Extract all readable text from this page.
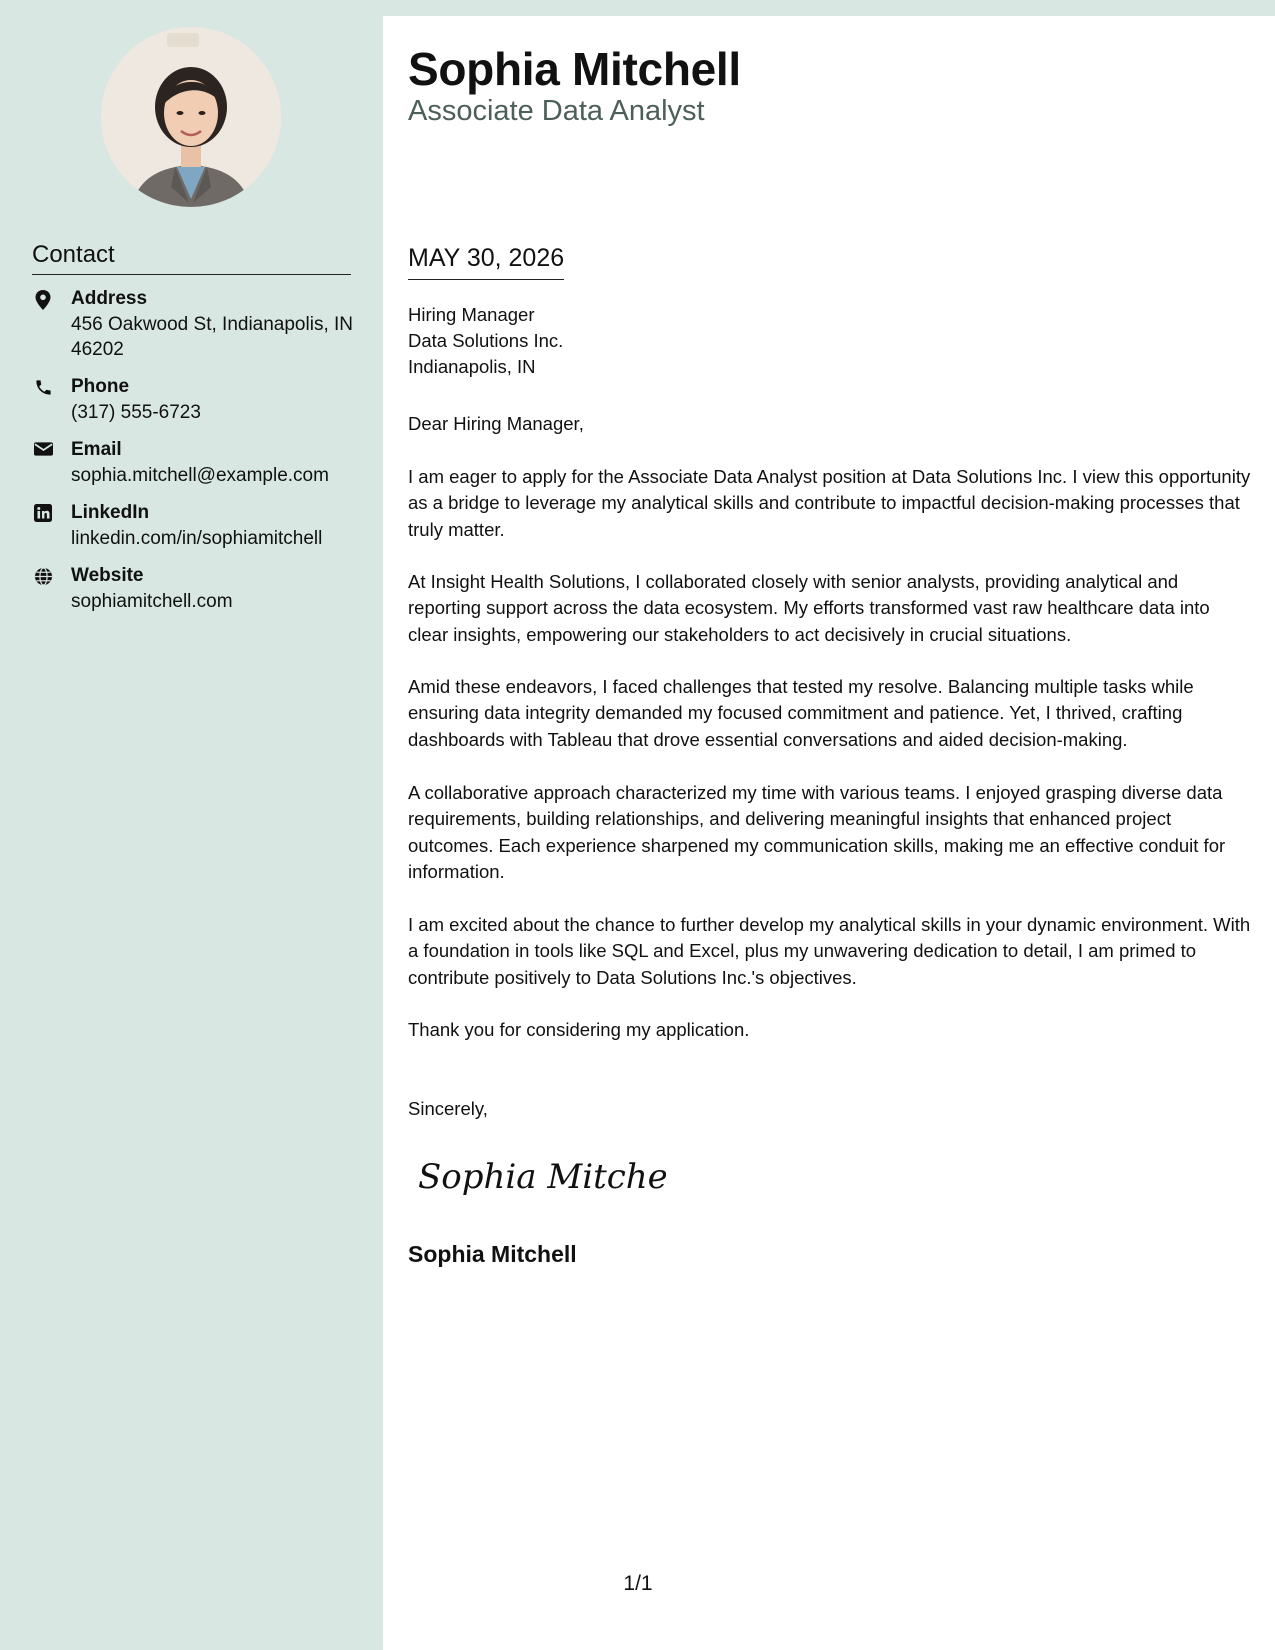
Contact
Address
456 Oakwood St, Indianapolis, IN 46202
Phone
(317) 555-6723
Email
sophia.mitchell@example.com
LinkedIn
linkedin.com/in/sophiamitchell
Website
sophiamitchell.com
Sophia Mitchell
Associate Data Analyst
MAY 30, 2026
Hiring Manager
Data Solutions Inc.
Indianapolis, IN
Dear Hiring Manager,
I am eager to apply for the Associate Data Analyst position at Data Solutions Inc. I view this opportunity as a bridge to leverage my analytical skills and contribute to impactful decision-making processes that truly matter.
At Insight Health Solutions, I collaborated closely with senior analysts, providing analytical and reporting support across the data ecosystem. My efforts transformed vast raw healthcare data into clear insights, empowering our stakeholders to act decisively in crucial situations.
Amid these endeavors, I faced challenges that tested my resolve. Balancing multiple tasks while ensuring data integrity demanded my focused commitment and patience. Yet, I thrived, crafting dashboards with Tableau that drove essential conversations and aided decision-making.
A collaborative approach characterized my time with various teams. I enjoyed grasping diverse data requirements, building relationships, and delivering meaningful insights that enhanced project outcomes. Each experience sharpened my communication skills, making me an effective conduit for information.
I am excited about the chance to further develop my analytical skills in your dynamic environment. With a foundation in tools like SQL and Excel, plus my unwavering dedication to detail, I am primed to contribute positively to Data Solutions Inc.'s objectives.
Thank you for considering my application.
Sincerely,
Sophia Mitchell
Sophia Mitchell
1/1
